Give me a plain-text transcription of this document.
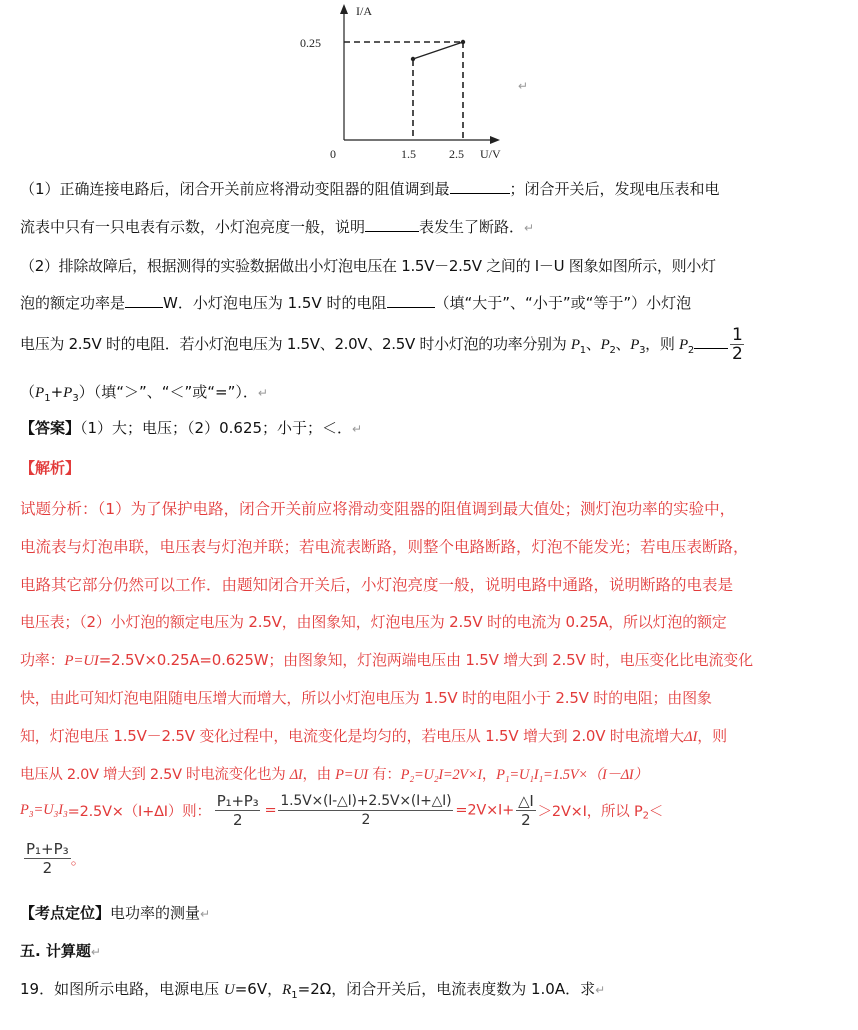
I/A
0.25
0	1.5	2.5 U/V
↵
（1）正确连接电路后，闭合开关前应将滑动变阻器的阻值调到最	；闭合开关后，发现电压表和电
流表中只有一只电表有示数，小灯泡亮度一般，说明	表发生了断路．↵
（2）排除故障后，根据测得的实验数据做出小灯泡电压在 1.5V－2.5V 之间的 I－U 图象如图所示，则小灯
泡的额定功率是	W．小灯泡电压为 1.5V 时的电阻	（填“大于”、“小于”或“等于”）小灯泡
电压为 2.5V 时的电阻．若小灯泡电压为 1.5V、2.0V、2.5V 时小灯泡的功率分别为 $P_1$、$P_2$、$P_3$，则 $P_2 \frac{1}{2}$
$(P_1+P_3)$（填“＞”、“＜”或“=”）．↵
【答案】（1）大；电压；（2）0.625；小于；＜．↵
【解析】
试题分析：（1）为了保护电路，闭合开关前应将滑动变阻器的阻值调到最大值处；测灯泡功率的实验中，
电流表与灯泡串联，电压表与灯泡并联；若电流表断路，则整个电路断路，灯泡不能发光；若电压表断路，
电路其它部分仍然可以工作．由题知闭合开关后，小灯泡亮度一般，说明电路中通路，说明断路的电表是
电压表；（2）小灯泡的额定电压为 2.5V，由图象知，灯泡电压为 2.5V 时的电流为 0.25A，所以灯泡的额定
功率：P=UI=2.5V×0.25A=0.625W；由图象知，灯泡两端电压由 1.5V 增大到 2.5V 时，电压变化比电流变化
快，由此可知灯泡电阻随电压增大而增大，所以小灯泡电压为 1.5V 时的电阻小于 2.5V 时的电阻；由图象
知，灯泡电压 1.5V－2.5V 变化过程中，电流变化是均匀的，若电压从 1.5V 增大到 2.0V 时电流增大ΔI，则
电压从 2.0V 增大到 2.5V 时电流变化也为 ΔI，由 P=UI 有：P₂=U₂I=2V×I，P₁=U₁I₁=1.5V×（I－ΔI）
P₃=U₃I₃=2.5V×（I+ΔI）则： $\frac{\text{P₁+P₃}}{2} = \frac{1.5V\times(I-\triangle I)+2.5V\times(I+\triangle I)}{2} =2V\times I+ \frac{\triangle I}{2} >2V\times I$，所以 $P_2<$
$\frac{\text{P₁+P₃}}{2}$ 。
【考点定位】电功率的测量↵
五. 计算题↵
19．如图所示电路，电源电压 U=6V，$R_1=2\Omega$，闭合开关后，电流表度数为 1.0A．求↵
